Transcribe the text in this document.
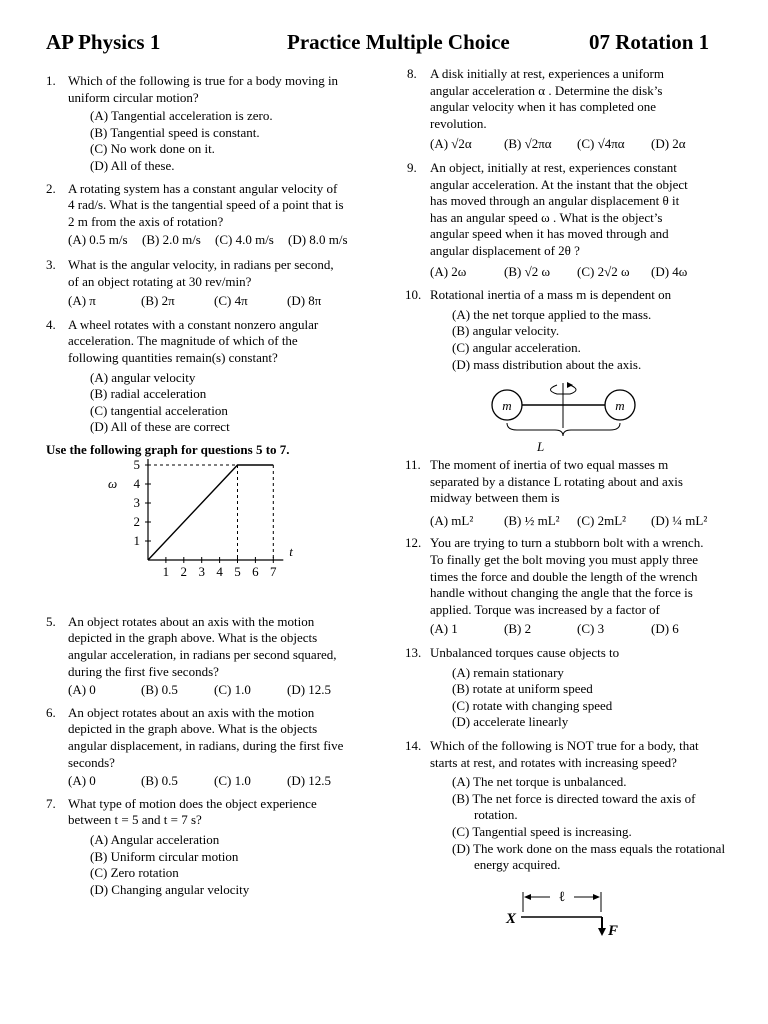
AP Physics 1	Practice Multiple Choice	07 Rotation 1
1. Which of the following is true for a body moving in
uniform circular motion?
(A) Tangential acceleration is zero.
(B) Tangential speed is constant.
(C) No work done on it.
(D) All of these.
2. A rotating system has a constant angular velocity of
4 rad/s. What is the tangential speed of a point that is
2 m from the axis of rotation?
(A) 0.5 m/s	(B) 2.0 m/s	(C) 4.0 m/s	(D) 8.0 m/s
3. What is the angular velocity, in radians per second,
of an object rotating at 30 rev/min?
(A) π	(B) 2π	(C) 4π	(D) 8π
4. A wheel rotates with a constant nonzero angular
acceleration. The magnitude of which of the
following quantities remain(s) constant?
(A) angular velocity
(B) radial acceleration
(C) tangential acceleration
(D) All of these are correct
Use the following graph for questions 5 to 7.
1 2 3 4 5 6 7
1
2
3
4
5
t
ω
5. An object rotates about an axis with the motion
depicted in the graph above. What is the objects
angular acceleration, in radians per second squared,
during the first five seconds?
(A) 0	(B) 0.5	(C) 1.0	(D) 12.5
6. An object rotates about an axis with the motion
depicted in the graph above. What is the objects
angular displacement, in radians, during the first five
seconds?
(A) 0	(B) 0.5	(C) 1.0	(D) 12.5
7. What type of motion does the object experience
between t = 5 and t = 7 s?
(A) Angular acceleration
(B) Uniform circular motion
(C) Zero rotation
(D) Changing angular velocity
8. A disk initially at rest, experiences a uniform
angular acceleration α . Determine the disk’s
angular velocity when it has completed one
revolution.
(A) √2α	(B) √2πα	(C) √4πα	(D) 2α
9. An object, initially at rest, experiences constant
angular acceleration. At the instant that the object
has moved through an angular displacement θ it
has an angular speed ω . What is the object’s
angular speed when it has moved through and
angular displacement of 2θ ?
(A) 2ω	(B) √2 ω	(C) 2√2 ω	(D) 4ω
10. Rotational inertia of a mass m is dependent on
(A) the net torque applied to the mass.
(B) angular velocity.
(C) angular acceleration.
(D) mass distribution about the axis.
m	m
L
11. The moment of inertia of two equal masses m
separated by a distance L rotating about and axis
midway between them is
(A) mL²	(B) ½ mL²	(C) 2mL²	(D) ¼ mL²
12. You are trying to turn a stubborn bolt with a wrench.
To finally get the bolt moving you must apply three
times the force and double the length of the wrench
handle without changing the angle that the force is
applied. Torque was increased by a factor of
(A) 1	(B) 2	(C) 3	(D) 6
13. Unbalanced torques cause objects to
(A) remain stationary
(B) rotate at uniform speed
(C) rotate with changing speed
(D) accelerate linearly
14. Which of the following is NOT true for a body, that
starts at rest, and rotates with increasing speed?
(A) The net torque is unbalanced.
(B) The net force is directed toward the axis of rotation.
(C) Tangential speed is increasing.
(D) The work done on the mass equals the rotational energy acquired.
X
ℓ
F
